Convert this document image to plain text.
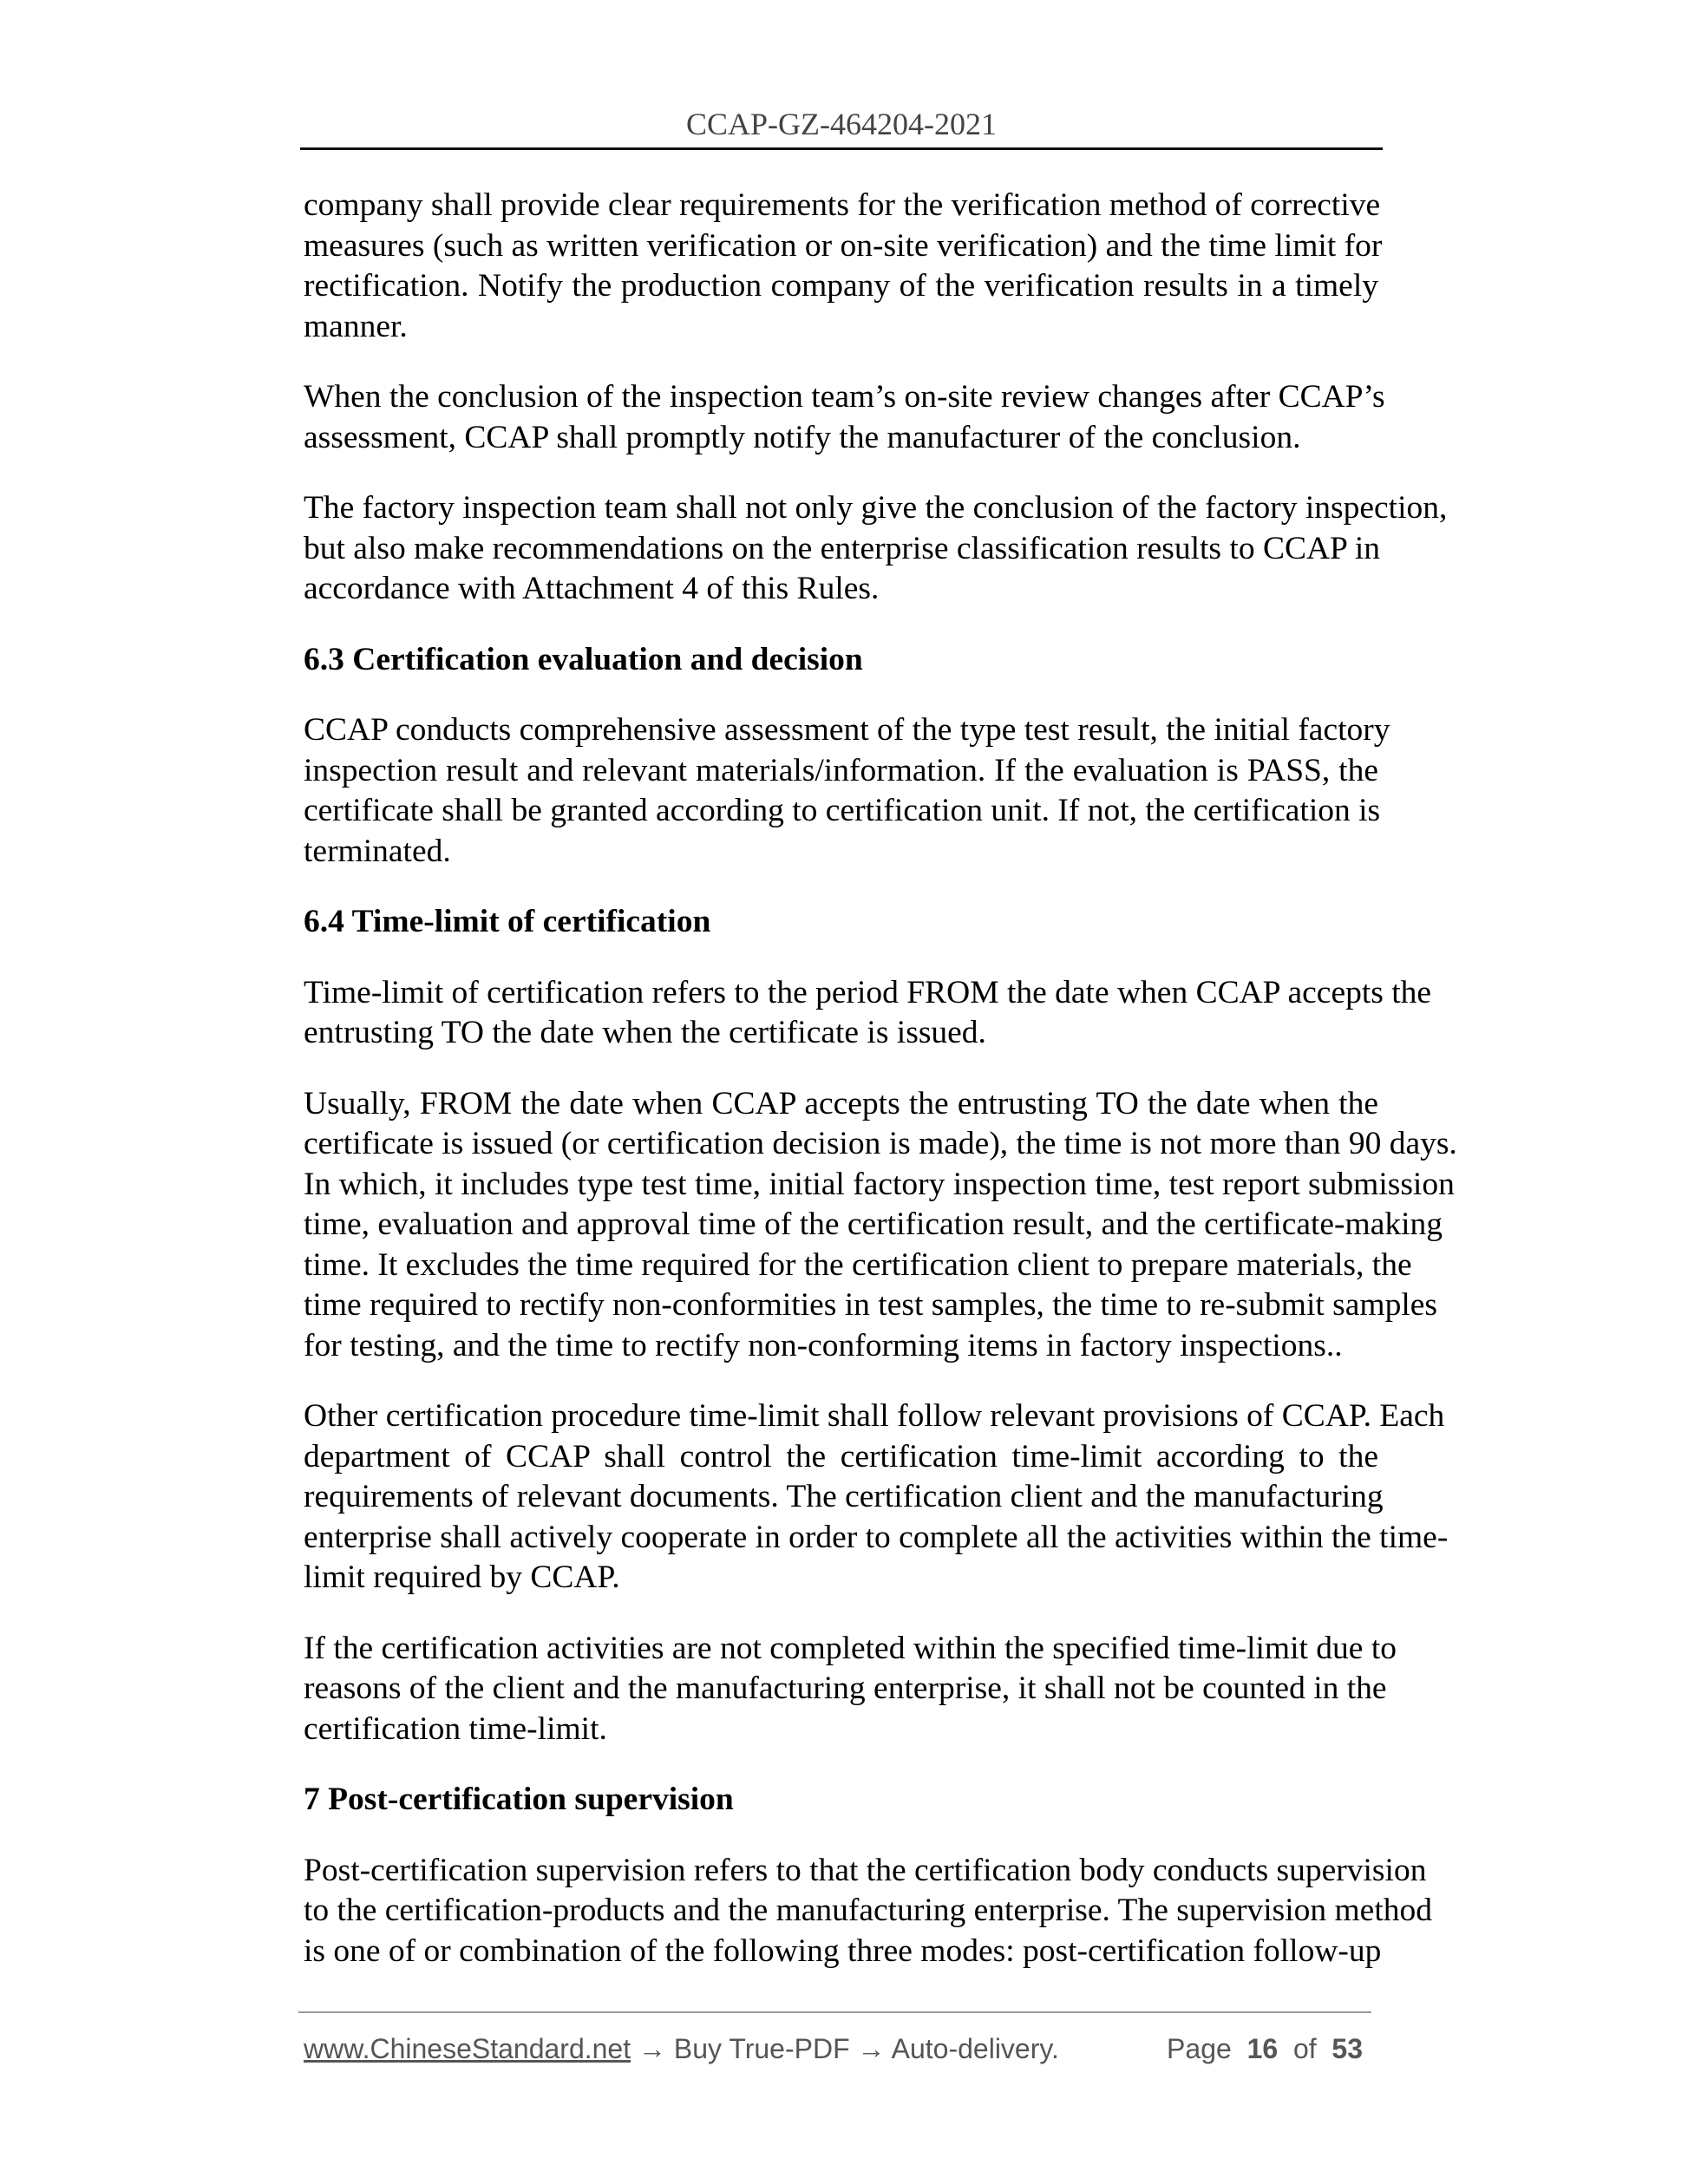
CCAP-GZ-464204-2021
company shall provide clear requirements for the verification method of corrective
measures (such as written verification or on-site verification) and the time limit for
rectification. Notify the production company of the verification results in a timely
manner.
When the conclusion of the inspection team’s on-site review changes after CCAP’s
assessment, CCAP shall promptly notify the manufacturer of the conclusion.
The factory inspection team shall not only give the conclusion of the factory inspection,
but also make recommendations on the enterprise classification results to CCAP in
accordance with Attachment 4 of this Rules.
6.3 Certification evaluation and decision
CCAP conducts comprehensive assessment of the type test result, the initial factory
inspection result and relevant materials/information. If the evaluation is PASS, the
certificate shall be granted according to certification unit. If not, the certification is
terminated.
6.4 Time-limit of certification
Time-limit of certification refers to the period FROM the date when CCAP accepts the
entrusting TO the date when the certificate is issued.
Usually, FROM the date when CCAP accepts the entrusting TO the date when the
certificate is issued (or certification decision is made), the time is not more than 90 days.
In which, it includes type test time, initial factory inspection time, test report submission
time, evaluation and approval time of the certification result, and the certificate-making
time. It excludes the time required for the certification client to prepare materials, the
time required to rectify non-conformities in test samples, the time to re-submit samples
for testing, and the time to rectify non-conforming items in factory inspections..
Other certification procedure time-limit shall follow relevant provisions of CCAP. Each
department of CCAP shall control the certification time-limit according to the
requirements of relevant documents. The certification client and the manufacturing
enterprise shall actively cooperate in order to complete all the activities within the time-
limit required by CCAP.
If the certification activities are not completed within the specified time-limit due to
reasons of the client and the manufacturing enterprise, it shall not be counted in the
certification time-limit.
7 Post-certification supervision
Post-certification supervision refers to that the certification body conducts supervision
to the certification-products and the manufacturing enterprise. The supervision method
is one of or combination of the following three modes: post-certification follow-up
www.ChineseStandard.net → Buy True-PDF → Auto-delivery.	Page 16 of 53
